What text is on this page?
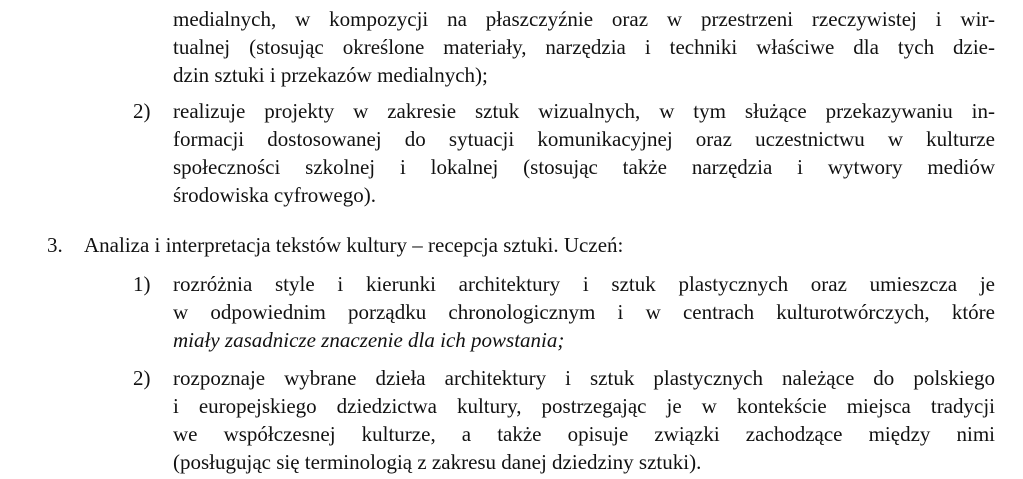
medialnych, w kompozycji na płaszczyźnie oraz w przestrzeni rzeczywistej i wir-
tualnej (stosując określone materiały, narzędzia i techniki właściwe dla tych dzie-
dzin sztuki i przekazów medialnych);
2)	realizuje projekty w zakresie sztuk wizualnych, w tym służące przekazywaniu in-
formacji dostosowanej do sytuacji komunikacyjnej oraz uczestnictwu w kulturze
społeczności szkolnej i lokalnej (stosując także narzędzia i wytwory mediów
środowiska cyfrowego).
3.	Analiza i interpretacja tekstów kultury – recepcja sztuki. Uczeń:
1)	rozróżnia style i kierunki architektury i sztuk plastycznych oraz umieszcza je
w odpowiednim porządku chronologicznym i w centrach kulturotwórczych, które
miały zasadnicze znaczenie dla ich powstania;
2)	rozpoznaje wybrane dzieła architektury i sztuk plastycznych należące do polskiego
i europejskiego dziedzictwa kultury, postrzegając je w kontekście miejsca tradycji
we współczesnej kulturze, a także opisuje związki zachodzące między nimi
(posługując się terminologią z zakresu danej dziedziny sztuki).
